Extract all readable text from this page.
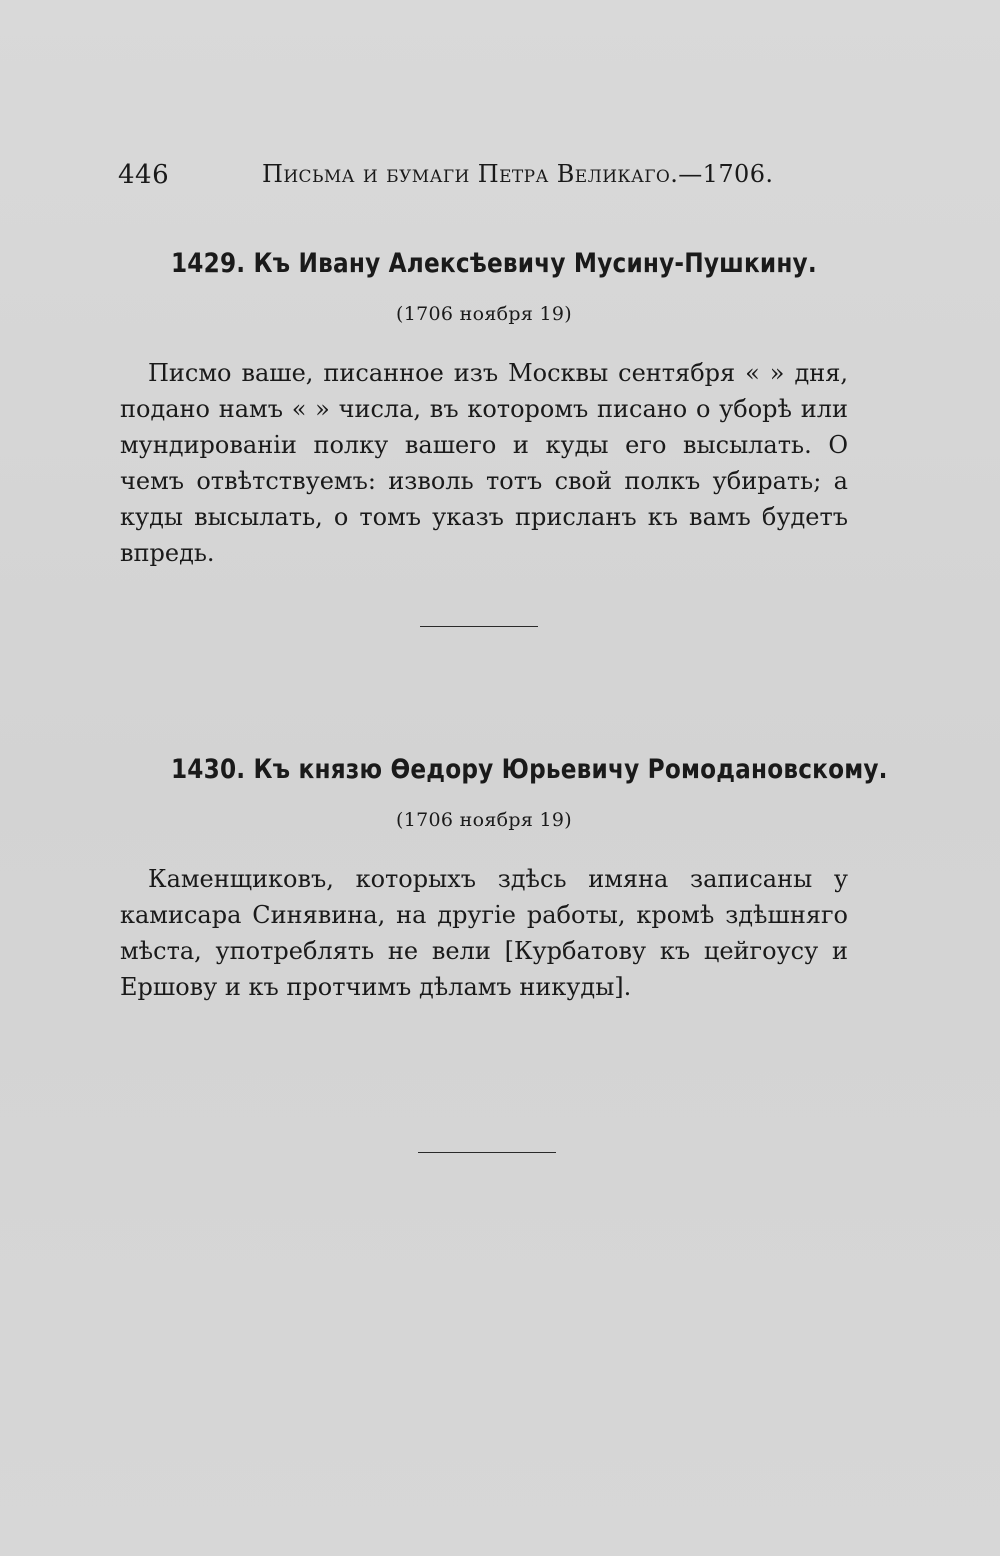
446	Письма и бумаги Петра Великаго.—1706.
1429. Къ Ивану Алексѣевичу Мусину-Пушкину.
(1706 ноября 19)

Писмо ваше, писанное изъ Москвы сентября « » дня, подано намъ « » числа, въ которомъ писано о уборѣ или мундированіи полку вашего и куды его высылать. О чемъ отвѣтствуемъ: изволь тотъ свой полкъ убирать; а куды высылать, о томъ указъ присланъ къ вамъ будетъ впредь.

1430. Къ князю Ѳедору Юрьевичу Ромодановскому.
(1706 ноября 19)

Каменщиковъ, которыхъ здѣсь имяна записаны у камисара Синявина, на другіе работы, кромѣ здѣшняго мѣста, употреблять не вели [Курбатову къ цейгоусу и Ершову и къ протчимъ дѣламъ никуды].
